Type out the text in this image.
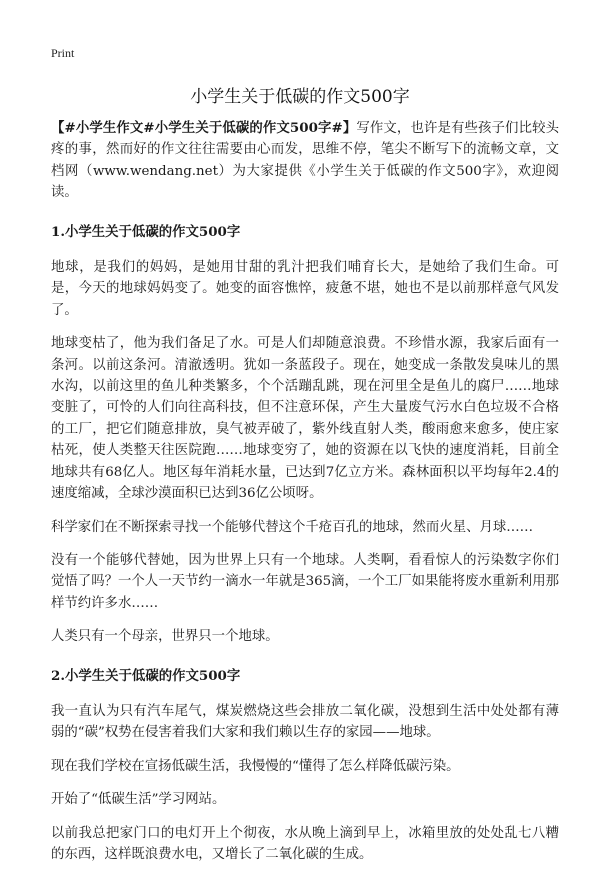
Print
小学生关于低碳的作文500字

【#小学生作文#小学生关于低碳的作文500字#】写作文，也许是有些孩子们比较头疼的事，然而好的作文往往需要由心而发，思维不停，笔尖不断写下的流畅文章，文档网（www.wendang.net）为大家提供《小学生关于低碳的作文500字》，欢迎阅读。

1.小学生关于低碳的作文500字

地球，是我们的妈妈，是她用甘甜的乳汁把我们哺育长大，是她给了我们生命。可是，今天的地球妈妈变了。她变的面容憔悴，疲惫不堪，她也不是以前那样意气风发了。

地球变枯了，他为我们备足了水。可是人们却随意浪费。不珍惜水源，我家后面有一条河。以前这条河。清澈透明。犹如一条蓝段子。现在，她变成一条散发臭味儿的黑水沟，以前这里的鱼儿种类繁多，个个活蹦乱跳，现在河里全是鱼儿的腐尸……地球变脏了，可怜的人们向往高科技，但不注意环保，产生大量废气污水白色垃圾不合格的工厂，把它们随意排放，臭气被弄破了，紫外线直射人类，酸雨愈来愈多，使庄家枯死，使人类整天往医院跑……地球变穷了，她的资源在以飞快的速度消耗，目前全地球共有68亿人。地区每年消耗水量，已达到7亿立方米。森林面积以平均每年2.4的速度缩减，全球沙漠面积已达到36亿公顷呀。

科学家们在不断探索寻找一个能够代替这个千疮百孔的地球，然而火星、月球……

没有一个能够代替她，因为世界上只有一个地球。人类啊，看看惊人的污染数字你们觉悟了吗？一个人一天节约一滴水一年就是365滴，一个工厂如果能将废水重新利用那样节约许多水……

人类只有一个母亲，世界只一个地球。

2.小学生关于低碳的作文500字

我一直认为只有汽车尾气，煤炭燃烧这些会排放二氧化碳，没想到生活中处处都有薄弱的“碳”权势在侵害着我们大家和我们赖以生存的家园——地球。

现在我们学校在宣扬低碳生活，我慢慢的“懂得了怎么样降低碳污染。

开始了“低碳生活”学习网站。

以前我总把家门口的电灯开上个彻夜，水从晚上滴到早上，冰箱里放的处处乱七八糟的东西，这样既浪费水电，又增长了二氧化碳的生成。
